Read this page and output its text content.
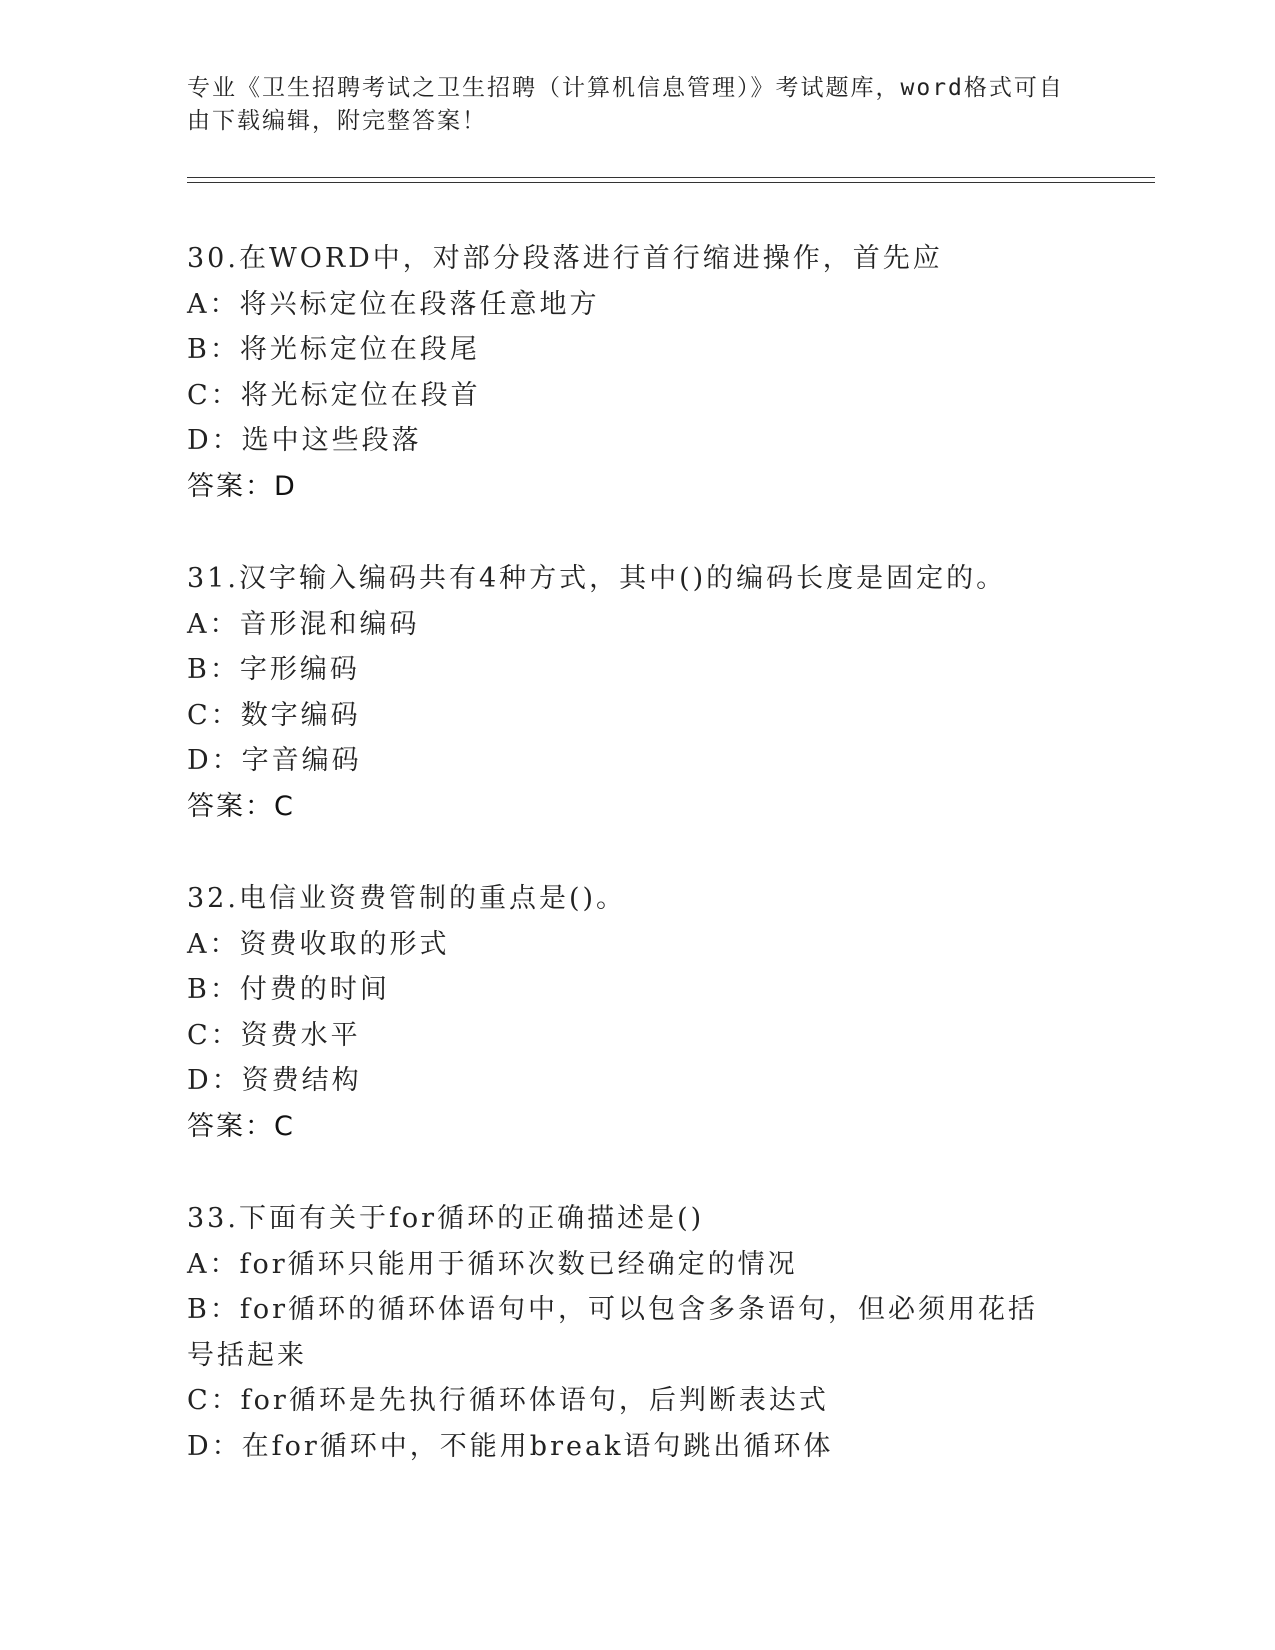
专业《卫生招聘考试之卫生招聘（计算机信息管理）》考试题库，word格式可自由下载编辑，附完整答案！
30.在WORD中，对部分段落进行首行缩进操作，首先应
A：将兴标定位在段落任意地方
B：将光标定位在段尾
C：将光标定位在段首
D：选中这些段落
答案：D
31.汉字输入编码共有4种方式，其中()的编码长度是固定的。
A：音形混和编码
B：字形编码
C：数字编码
D：字音编码
答案：C
32.电信业资费管制的重点是()。
A：资费收取的形式
B：付费的时间
C：资费水平
D：资费结构
答案：C
33.下面有关于for循环的正确描述是()
A：for循环只能用于循环次数已经确定的情况
B：for循环的循环体语句中，可以包含多条语句，但必须用花括号括起来
C：for循环是先执行循环体语句，后判断表达式
D：在for循环中，不能用break语句跳出循环体
